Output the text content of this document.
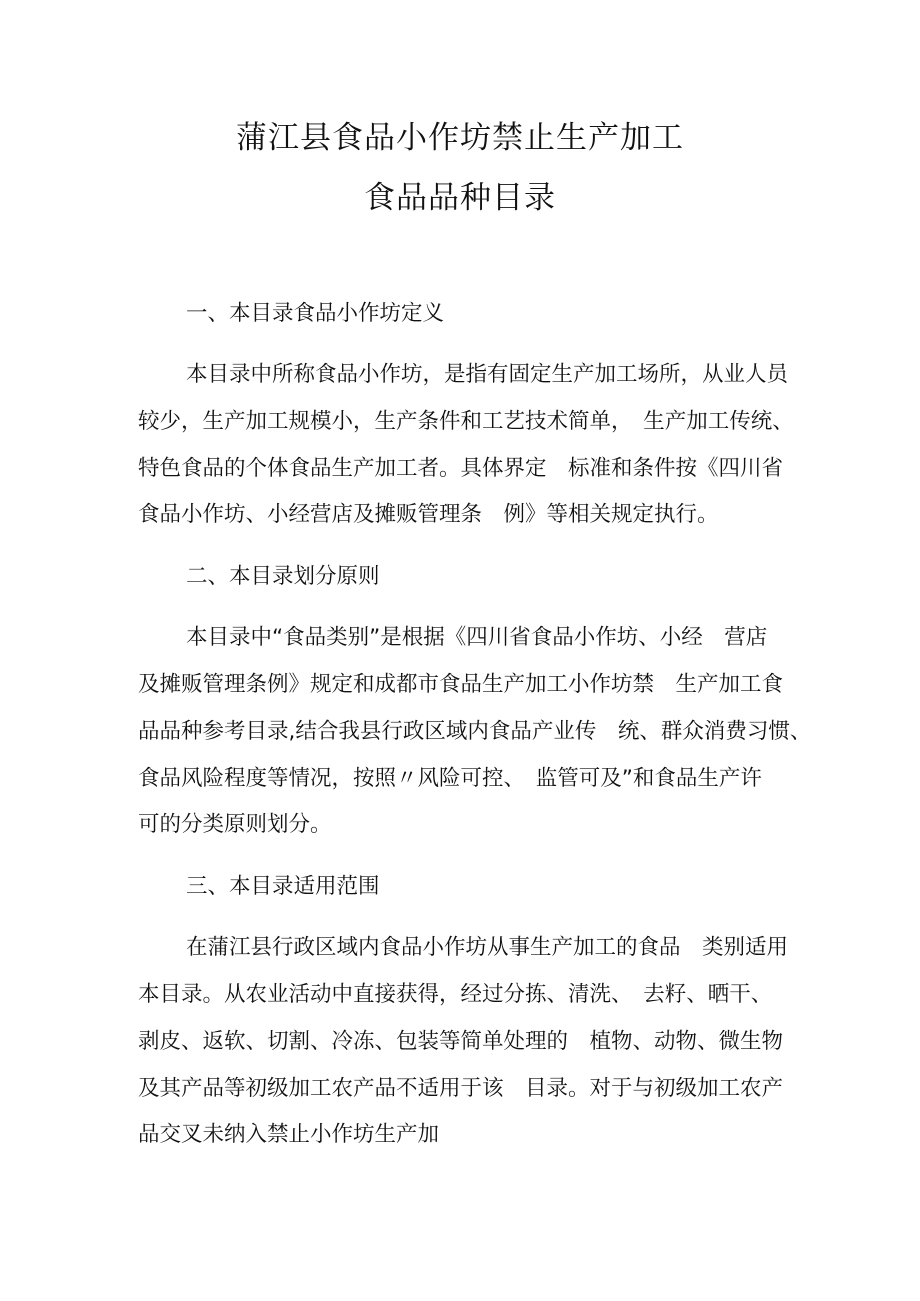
蒲江县食品小作坊禁止生产加工
食品品种目录
一、本目录食品小作坊定义
本目录中所称食品小作坊，是指有固定生产加工场所，从业人员
较少，生产加工规模小，生产条件和工艺技术简单，　生产加工传统、
特色食品的个体食品生产加工者。具体界定　标准和条件按《四川省
食品小作坊、小经营店及摊贩管理条　例》等相关规定执行。
二、本目录划分原则
本目录中“食品类别”是根据《四川省食品小作坊、小经　营店
及摊贩管理条例》规定和成都市食品生产加工小作坊禁　生产加工食
品品种参考目录,结合我县行政区域内食品产业传　统、群众消费习惯、
食品风险程度等情况，按照〃风险可控、　监管可及”和食品生产许
可的分类原则划分。
三、本目录适用范围
在蒲江县行政区域内食品小作坊从事生产加工的食品　类别适用
本目录。从农业活动中直接获得，经过分拣、清洗、　去籽、晒干、
剥皮、返软、切割、冷冻、包装等简单处理的　植物、动物、微生物
及其产品等初级加工农产品不适用于该　目录。对于与初级加工农产
品交叉未纳入禁止小作坊生产加
